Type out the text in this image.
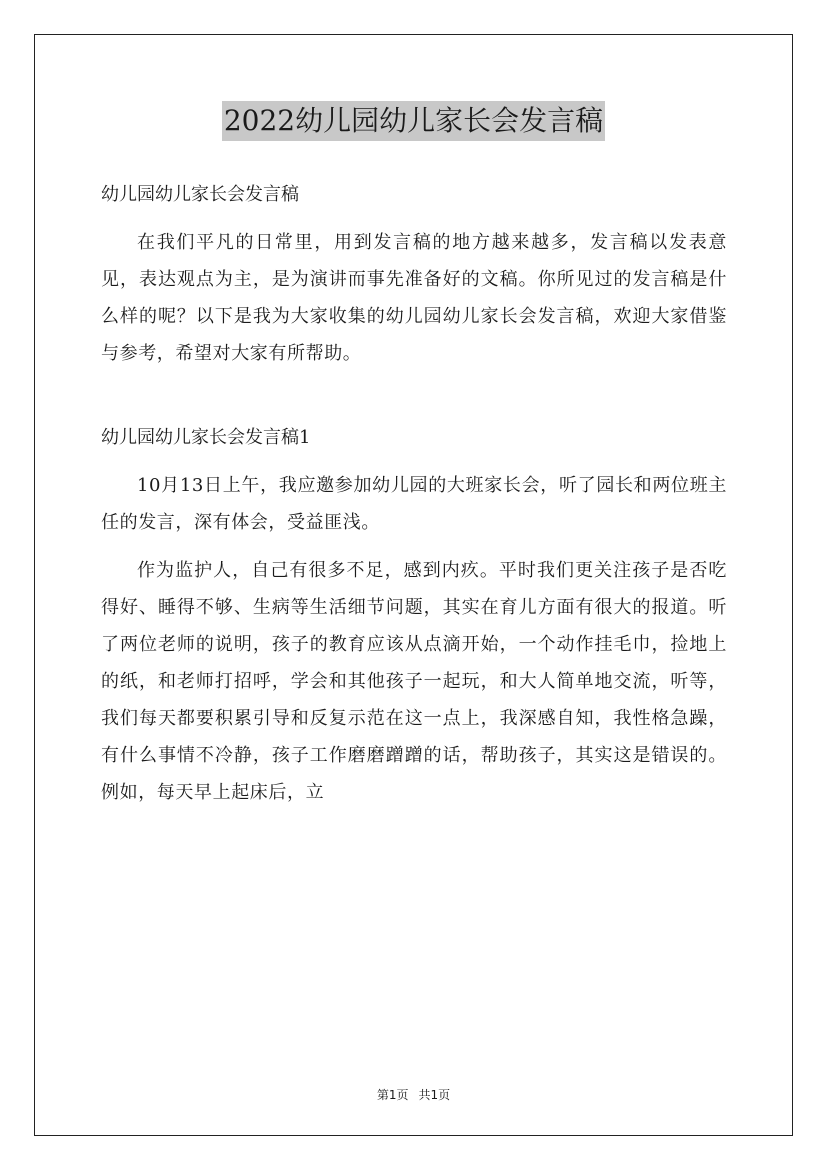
2022幼儿园幼儿家长会发言稿

幼儿园幼儿家长会发言稿

在我们平凡的日常里，用到发言稿的地方越来越多，发言稿以发表意见，表达观点为主，是为演讲而事先准备好的文稿。你所见过的发言稿是什么样的呢？以下是我为大家收集的幼儿园幼儿家长会发言稿，欢迎大家借鉴与参考，希望对大家有所帮助。

幼儿园幼儿家长会发言稿1

10月13日上午，我应邀参加幼儿园的大班家长会，听了园长和两位班主任的发言，深有体会，受益匪浅。

作为监护人，自己有很多不足，感到内疚。平时我们更关注孩子是否吃得好、睡得不够、生病等生活细节问题，其实在育儿方面有很大的报道。听了两位老师的说明，孩子的教育应该从点滴开始，一个动作挂毛巾，捡地上的纸，和老师打招呼，学会和其他孩子一起玩，和大人简单地交流，听等，我们每天都要积累引导和反复示范在这一点上，我深感自知，我性格急躁，有什么事情不冷静，孩子工作磨磨蹭蹭的话，帮助孩子，其实这是错误的。例如，每天早上起床后，立

第1页 共1页
